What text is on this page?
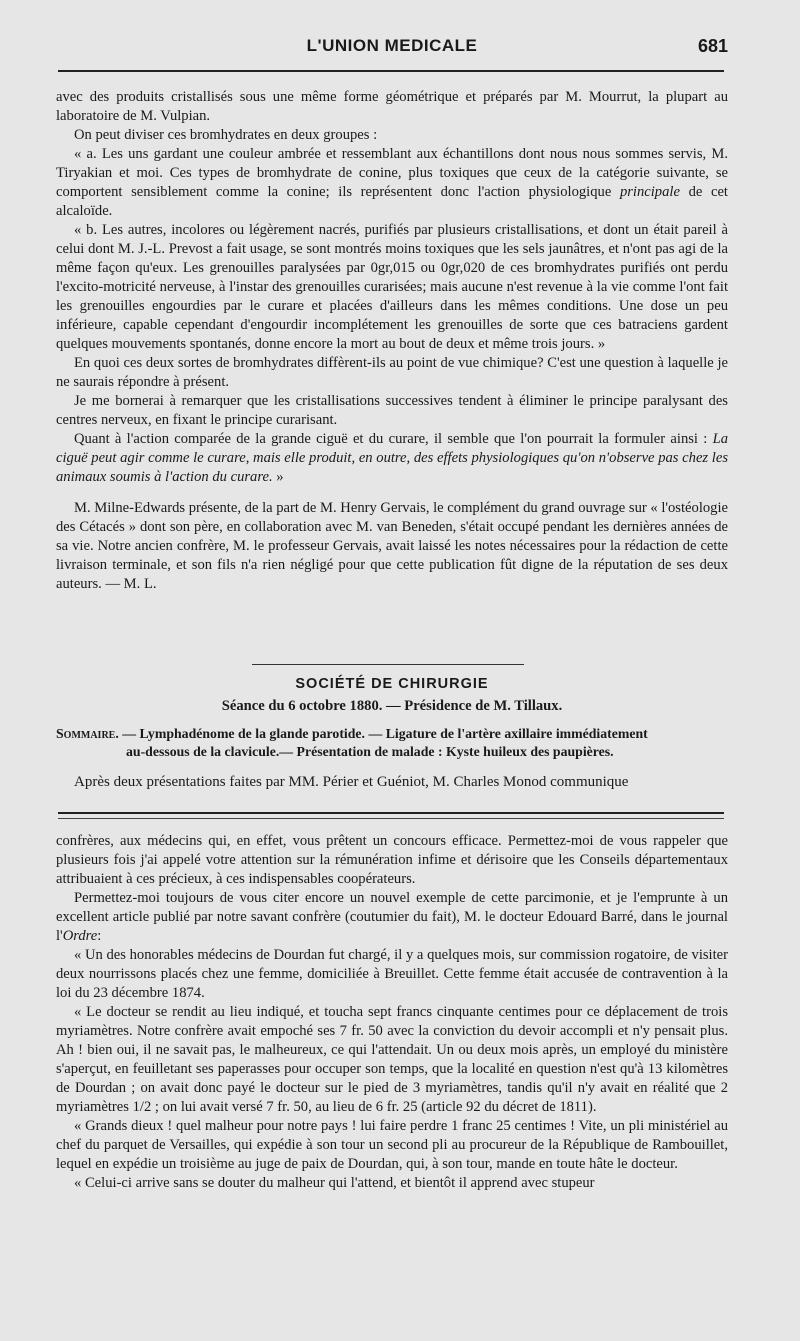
L'UNION MEDICALE	681

avec des produits cristallisés sous une même forme géométrique et préparés par M. Mourrut, la plupart au laboratoire de M. Vulpian.

On peut diviser ces bromhydrates en deux groupes :

« a. Les uns gardant une couleur ambrée et ressemblant aux échantillons dont nous nous sommes servis, M. Tiryakian et moi. Ces types de bromhydrate de conine, plus toxiques que ceux de la catégorie suivante, se comportent sensiblement comme la conine; ils représentent donc l'action physiologique principale de cet alcaloïde.

« b. Les autres, incolores ou légèrement nacrés, purifiés par plusieurs cristallisations, et dont un était pareil à celui dont M. J.-L. Prevost a fait usage, se sont montrés moins toxiques que les sels jaunâtres, et n'ont pas agi de la même façon qu'eux. Les grenouilles paralysées par 0gr,015 ou 0gr,020 de ces bromhydrates purifiés ont perdu l'excito-motricité nerveuse, à l'instar des grenouilles curarisées; mais aucune n'est revenue à la vie comme l'ont fait les grenouilles engourdies par le curare et placées d'ailleurs dans les mêmes conditions. Une dose un peu inférieure, capable cependant d'engourdir incomplétement les grenouilles de sorte que ces batraciens gardent quelques mouvements spontanés, donne encore la mort au bout de deux et même trois jours. »

En quoi ces deux sortes de bromhydrates diffèrent-ils au point de vue chimique? C'est une question à laquelle je ne saurais répondre à présent.

Je me bornerai à remarquer que les cristallisations successives tendent à éliminer le principe paralysant des centres nerveux, en fixant le principe curarisant.

Quant à l'action comparée de la grande ciguë et du curare, il semble que l'on pourrait la formuler ainsi : La ciguë peut agir comme le curare, mais elle produit, en outre, des effets physiologiques qu'on n'observe pas chez les animaux soumis à l'action du curare. »

M. Milne-Edwards présente, de la part de M. Henry Gervais, le complément du grand ouvrage sur « l'ostéologie des Cétacés » dont son père, en collaboration avec M. van Beneden, s'était occupé pendant les dernières années de sa vie. Notre ancien confrère, M. le professeur Gervais, avait laissé les notes nécessaires pour la rédaction de cette livraison terminale, et son fils n'a rien négligé pour que cette publication fût digne de la réputation de ses deux auteurs. — M. L.

SOCIÉTÉ DE CHIRURGIE
Séance du 6 octobre 1880. — Présidence de M. Tillaux.
Sommaire. — Lymphadénome de la glande parotide. — Ligature de l'artère axillaire immédiatement
au-dessous de la clavicule.— Présentation de malade : Kyste huileux des paupières.

Après deux présentations faites par MM. Périer et Guéniot, M. Charles Monod communique

confrères, aux médecins qui, en effet, vous prêtent un concours efficace. Permettez-moi de vous rappeler que plusieurs fois j'ai appelé votre attention sur la rémunération infime et dérisoire que les Conseils départementaux attribuaient à ces précieux, à ces indispensables coopérateurs.

Permettez-moi toujours de vous citer encore un nouvel exemple de cette parcimonie, et je l'emprunte à un excellent article publié par notre savant confrère (coutumier du fait), M. le docteur Edouard Barré, dans le journal l'Ordre:

« Un des honorables médecins de Dourdan fut chargé, il y a quelques mois, sur commission rogatoire, de visiter deux nourrissons placés chez une femme, domiciliée à Breuillet. Cette femme était accusée de contravention à la loi du 23 décembre 1874.

« Le docteur se rendit au lieu indiqué, et toucha sept francs cinquante centimes pour ce déplacement de trois myriamètres. Notre confrère avait empoché ses 7 fr. 50 avec la conviction du devoir accompli et n'y pensait plus. Ah ! bien oui, il ne savait pas, le malheureux, ce qui l'attendait. Un ou deux mois après, un employé du ministère s'aperçut, en feuilletant ses paperasses pour occuper son temps, que la localité en question n'est qu'à 13 kilomètres de Dourdan ; on avait donc payé le docteur sur le pied de 3 myriamètres, tandis qu'il n'y avait en réalité que 2 myriamètres 1/2 ; on lui avait versé 7 fr. 50, au lieu de 6 fr. 25 (article 92 du décret de 1811).

« Grands dieux ! quel malheur pour notre pays ! lui faire perdre 1 franc 25 centimes ! Vite, un pli ministériel au chef du parquet de Versailles, qui expédie à son tour un second pli au procureur de la République de Rambouillet, lequel en expédie un troisième au juge de paix de Dourdan, qui, à son tour, mande en toute hâte le docteur.

« Celui-ci arrive sans se douter du malheur qui l'attend, et bientôt il apprend avec stupeur
